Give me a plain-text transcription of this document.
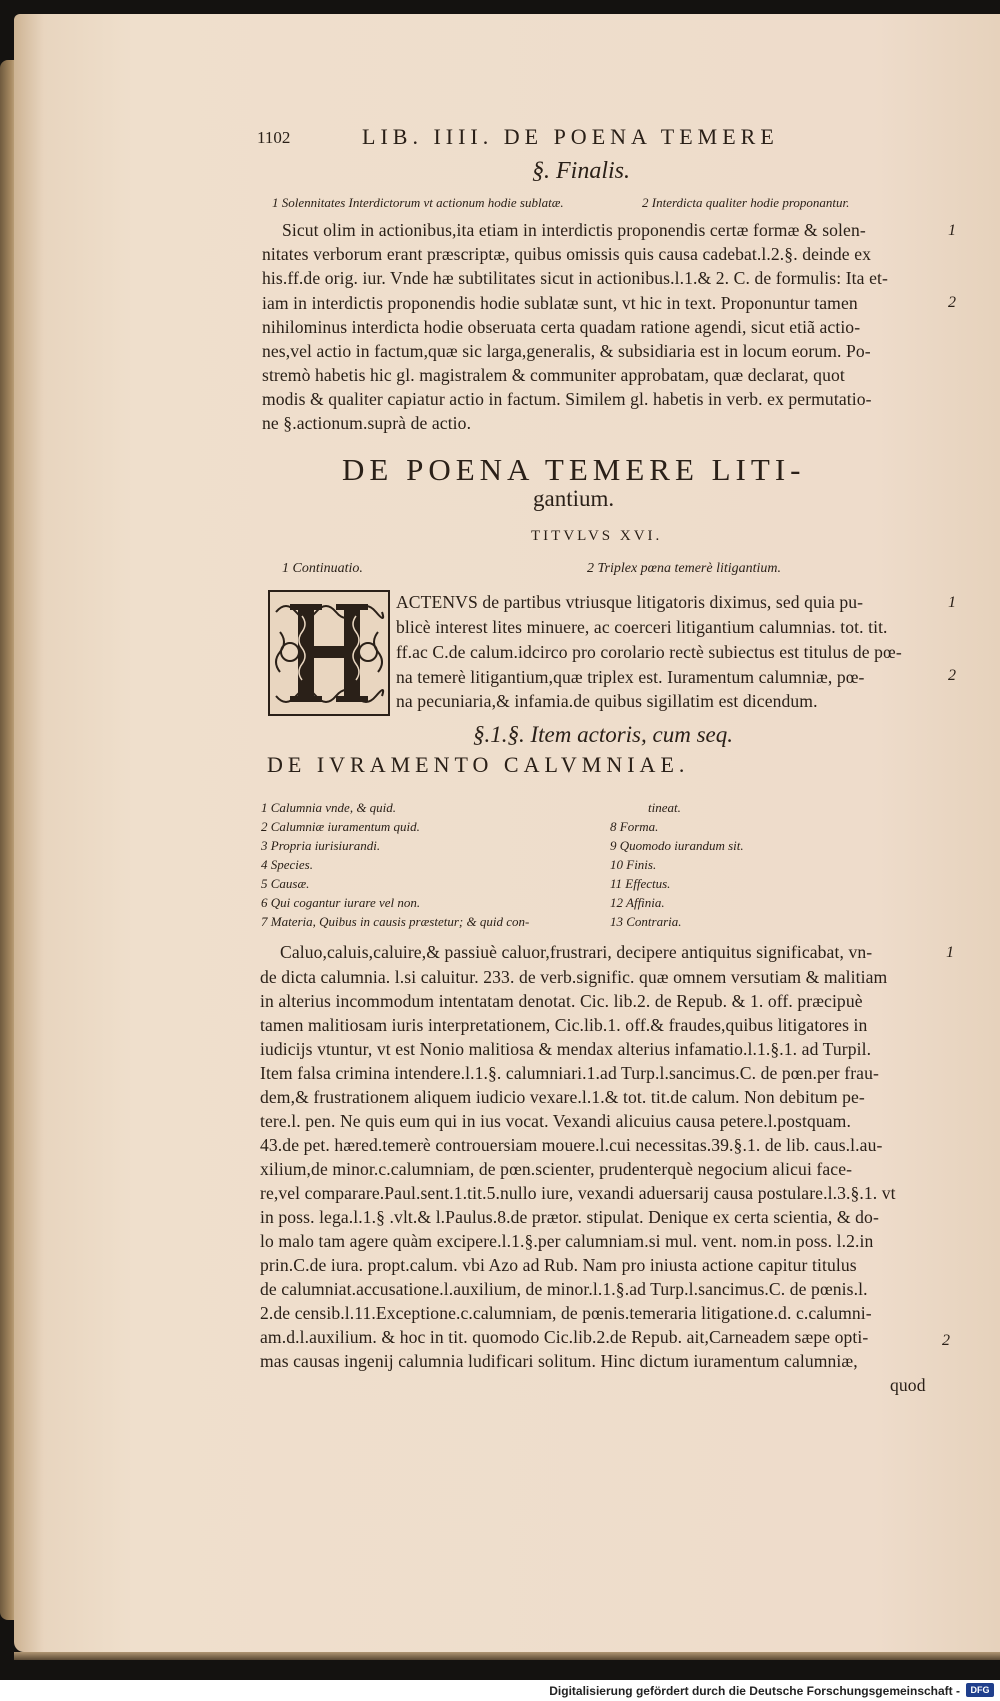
1102	LIB. IIII. DE POENA TEMERE
§. Finalis.
1 Solennitates Interdictorum vt actionum hodie sublatæ.	2 Interdicta qualiter hodie proponantur.
Sicut olim in actionibus,ita etiam in interdictis proponendis certæ formæ & solen-
nitates verborum erant præscriptæ, quibus omissis quis causa cadebat.l.2.§. deinde ex
his.ff.de orig. iur. Vnde hæ subtilitates sicut in actionibus.l.1.& 2. C. de formulis: Ita et-
iam in interdictis proponendis hodie sublatæ sunt, vt hic in text. Proponuntur tamen
nihilominus interdicta hodie obseruata certa quadam ratione agendi, sicut etiã actio-
nes,vel actio in factum,quæ sic larga,generalis, & subsidiaria est in locum eorum. Po-
stremò habetis hic gl. magistralem & communiter approbatam, quæ declarat, quot
modis & qualiter capiatur actio in factum. Similem gl. habetis in verb. ex permutatio-
ne §.actionum.suprà de actio.
1
2
DE POENA TEMERE LITI-
gantium.
TITVLVS XVI.
1 Continuatio.	2 Triplex pœna temerè litigantium.
ACTENVS de partibus vtriusque litigatoris diximus, sed quia pu-
blicè interest lites minuere, ac coerceri litigantium calumnias. tot. tit.
ff.ac C.de calum.idcirco pro corolario rectè subiectus est titulus de pœ-
na temerè litigantium,quæ triplex est. Iuramentum calumniæ, pœ-
na pecuniaria,& infamia.de quibus sigillatim est dicendum.
1
2
§.1.§. Item actoris, cum seq.
DE IVRAMENTO CALVMNIAE.
1 Calumnia vnde, & quid.
2 Calumniæ iuramentum quid.
3 Propria iurisiurandi.
4 Species.
5 Causæ.
6 Qui cogantur iurare vel non.
7 Materia, Quibus in causis præstetur; & quid con-
tineat.
8 Forma.
9 Quomodo iurandum sit.
10 Finis.
11 Effectus.
12 Affinia.
13 Contraria.
Caluo,caluis,caluire,& passiuè caluor,frustrari, decipere antiquitus significabat, vn-
de dicta calumnia. l.si caluitur. 233. de verb.signific. quæ omnem versutiam & malitiam
in alterius incommodum intentatam denotat. Cic. lib.2. de Repub. & 1. off. præcipuè
tamen malitiosam iuris interpretationem, Cic.lib.1. off.& fraudes,quibus litigatores in
iudicijs vtuntur, vt est Nonio malitiosa & mendax alterius infamatio.l.1.§.1. ad Turpil.
Item falsa crimina intendere.l.1.§. calumniari.1.ad Turp.l.sancimus.C. de pœn.per frau-
dem,& frustrationem aliquem iudicio vexare.l.1.& tot. tit.de calum. Non debitum pe-
tere.l. pen. Ne quis eum qui in ius vocat. Vexandi alicuius causa petere.l.postquam.
43.de pet. hæred.temerè controuersiam mouere.l.cui necessitas.39.§.1. de lib. caus.l.au-
xilium,de minor.c.calumniam, de pœn.scienter, prudenterquè negocium alicui face-
re,vel comparare.Paul.sent.1.tit.5.nullo iure, vexandi aduersarij causa postulare.l.3.§.1. vt
in poss. lega.l.1.§ .vlt.& l.Paulus.8.de prætor. stipulat. Denique ex certa scientia, & do-
lo malo tam agere quàm excipere.l.1.§.per calumniam.si mul. vent. nom.in poss. l.2.in
prin.C.de iura. propt.calum. vbi Azo ad Rub. Nam pro iniusta actione capitur titulus
de calumniat.accusatione.l.auxilium, de minor.l.1.§.ad Turp.l.sancimus.C. de pœnis.l.
2.de censib.l.11.Exceptione.c.calumniam, de pœnis.temeraria litigatione.d. c.calumni-
am.d.l.auxilium. & hoc in tit. quomodo Cic.lib.2.de Repub. ait,Carneadem sæpe opti-
mas causas ingenij calumnia ludificari solitum. Hinc dictum iuramentum calumniæ,
quod
1
2
Digitalisierung gefördert durch die Deutsche Forschungsgemeinschaft -	DFG
